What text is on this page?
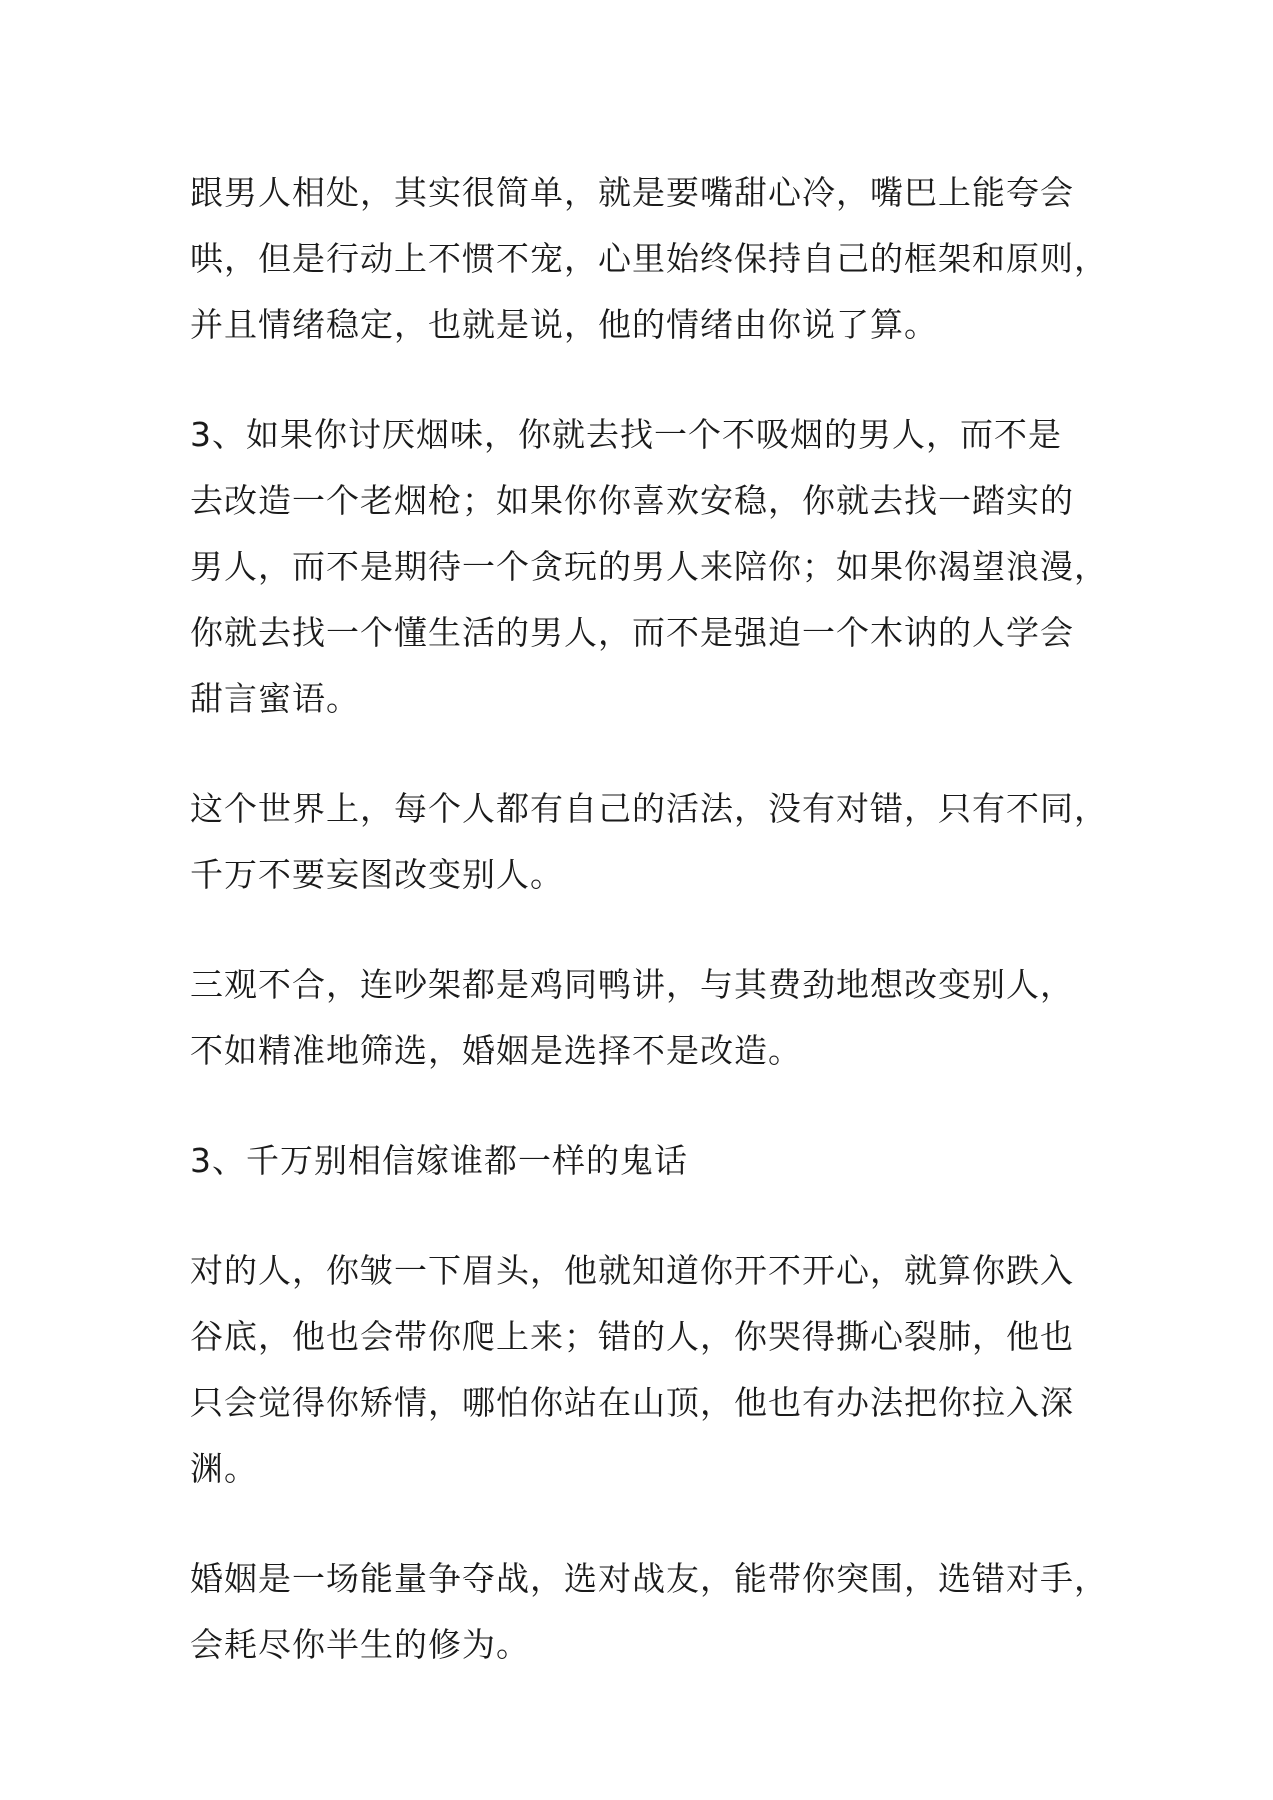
跟男人相处，其实很简单，就是要嘴甜心冷，嘴巴上能夸会
哄，但是行动上不惯不宠，心里始终保持自己的框架和原则，
并且情绪稳定，也就是说，他的情绪由你说了算。
3、如果你讨厌烟味，你就去找一个不吸烟的男人，而不是
去改造一个老烟枪；如果你你喜欢安稳，你就去找一踏实的
男人，而不是期待一个贪玩的男人来陪你；如果你渴望浪漫，
你就去找一个懂生活的男人，而不是强迫一个木讷的人学会
甜言蜜语。
这个世界上，每个人都有自己的活法，没有对错，只有不同，
千万不要妄图改变别人。
三观不合，连吵架都是鸡同鸭讲，与其费劲地想改变别人，
不如精准地筛选，婚姻是选择不是改造。
3、千万别相信嫁谁都一样的鬼话
对的人，你皱一下眉头，他就知道你开不开心，就算你跌入
谷底，他也会带你爬上来；错的人，你哭得撕心裂肺，他也
只会觉得你矫情，哪怕你站在山顶，他也有办法把你拉入深
渊。
婚姻是一场能量争夺战，选对战友，能带你突围，选错对手，
会耗尽你半生的修为。
